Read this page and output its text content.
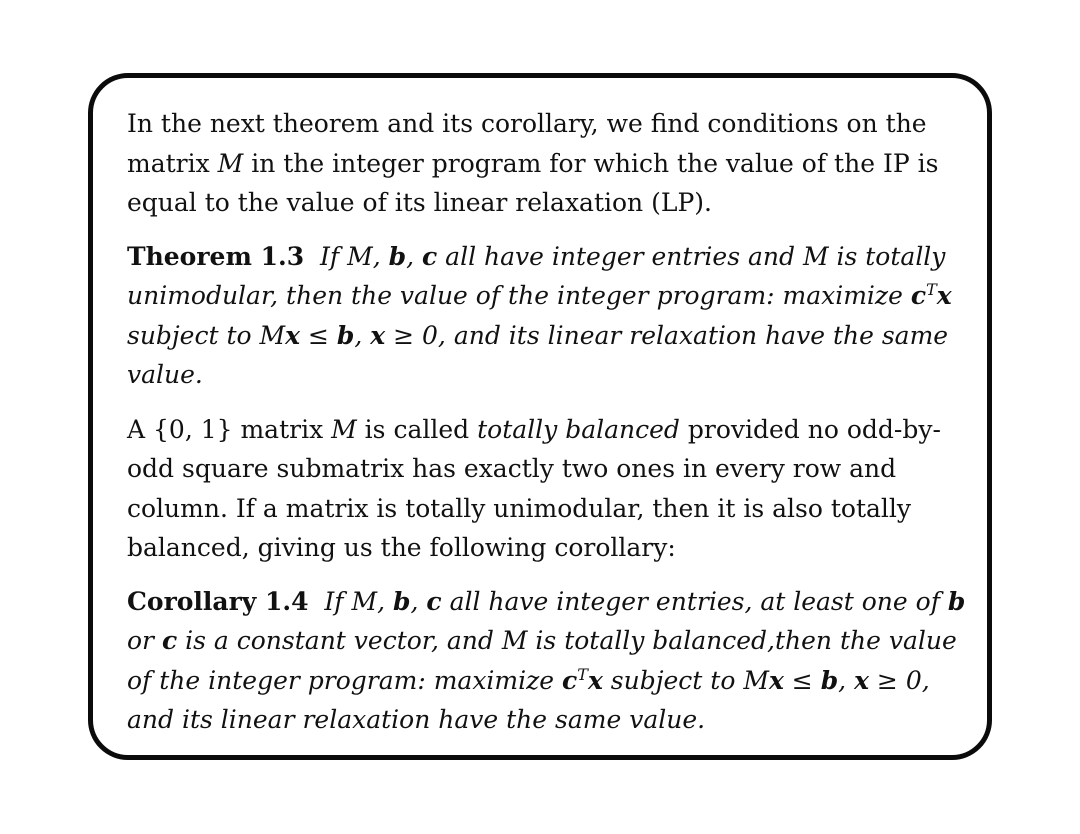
In the next theorem and its corollary, we find conditions on the matrix M in the integer program for which the value of the IP is equal to the value of its linear relaxation (LP).

Theorem 1.3 If M, b, c all have integer entries and M is totally unimodular, then the value of the integer program: maximize $c^Tx$ subject to Mx ≤ b, x ≥ 0, and its linear relaxation have the same value.

A {0, 1} matrix M is called totally balanced provided no odd-by-odd square submatrix has exactly two ones in every row and column. If a matrix is totally unimodular, then it is also totally balanced, giving us the following corollary:

Corollary 1.4 If M, b, c all have integer entries, at least one of b or c is a constant vector, and M is totally balanced,then the value of the integer program: maximize $c^Tx$ subject to Mx ≤ b, x ≥ 0, and its linear relaxation have the same value.
